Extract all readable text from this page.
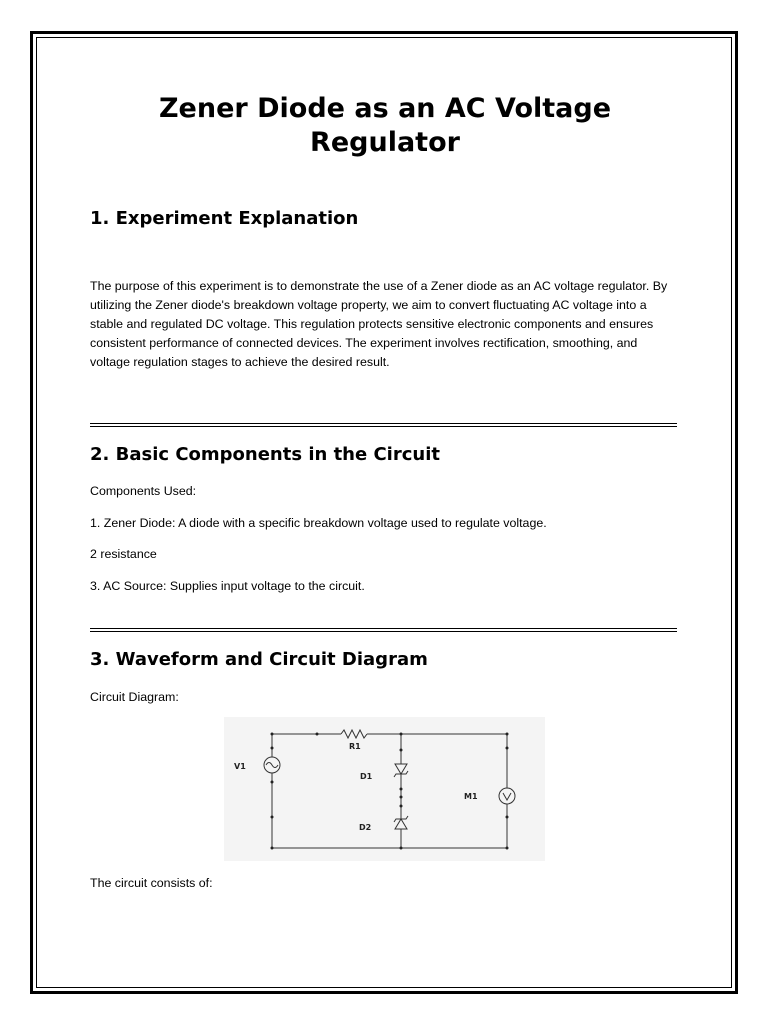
Zener Diode as an AC Voltage Regulator
1. Experiment Explanation

The purpose of this experiment is to demonstrate the use of a Zener diode as an AC voltage regulator. By utilizing the Zener diode's breakdown voltage property, we aim to convert fluctuating AC voltage into a stable and regulated DC voltage. This regulation protects sensitive electronic components and ensures consistent performance of connected devices. The experiment involves rectification, smoothing, and voltage regulation stages to achieve the desired result.

2. Basic Components in the Circuit

Components Used:

1. Zener Diode: A diode with a specific breakdown voltage used to regulate voltage.

2 resistance

3. AC Source: Supplies input voltage to the circuit.

3. Waveform and Circuit Diagram

Circuit Diagram:

The circuit consists of:

V1
R1
D1
D2
M1
